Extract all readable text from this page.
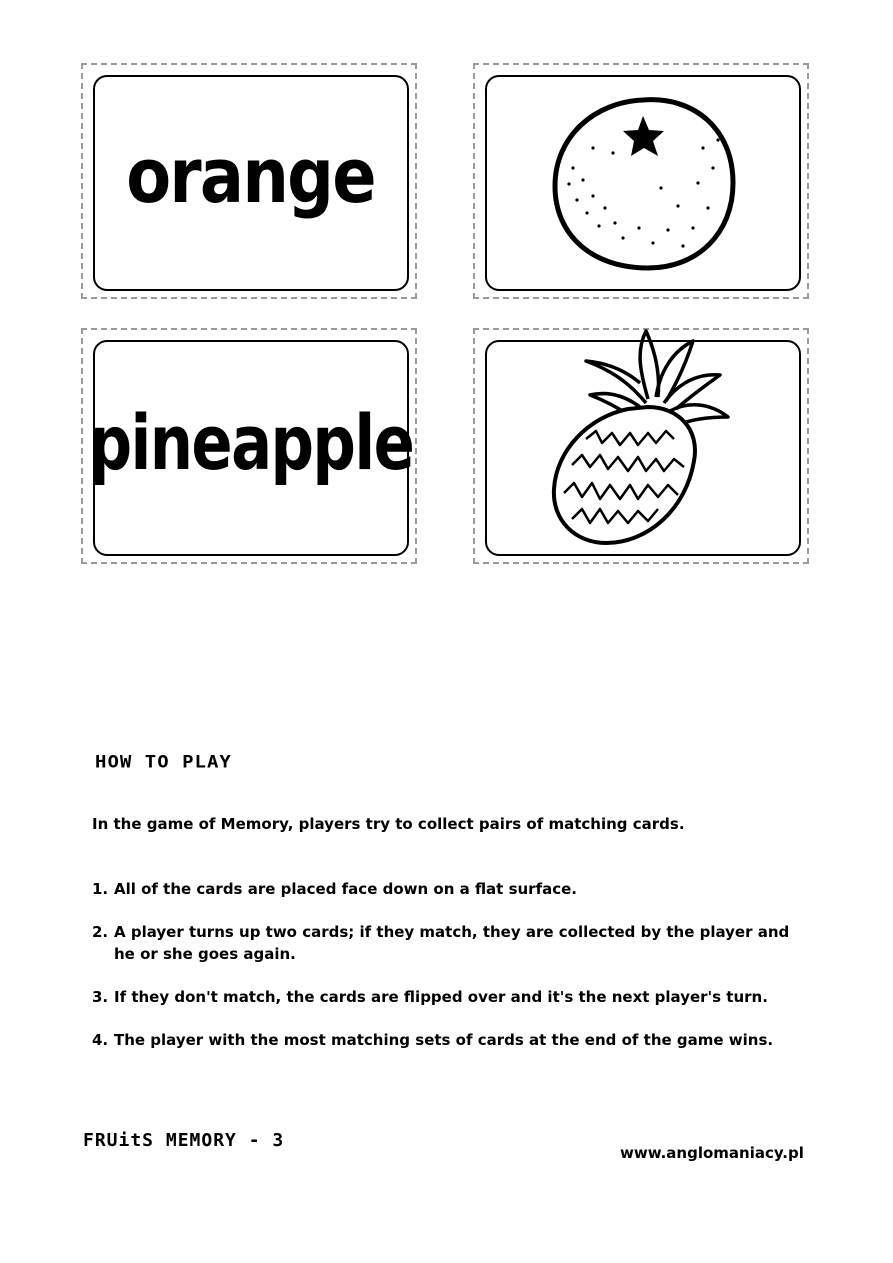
orange
pineapple
HOW TO PLAY
In the game of Memory, players try to collect pairs of matching cards.
1. All of the cards are placed face down on a flat surface.
2. A player turns up two cards; if they match, they are collected by the player and he or she goes again.
3. If they don't match, the cards are flipped over and it's the next player's turn.
4. The player with the most matching sets of cards at the end of the game wins.
FRUitS MEMORY - 3
www.anglomaniacy.pl
